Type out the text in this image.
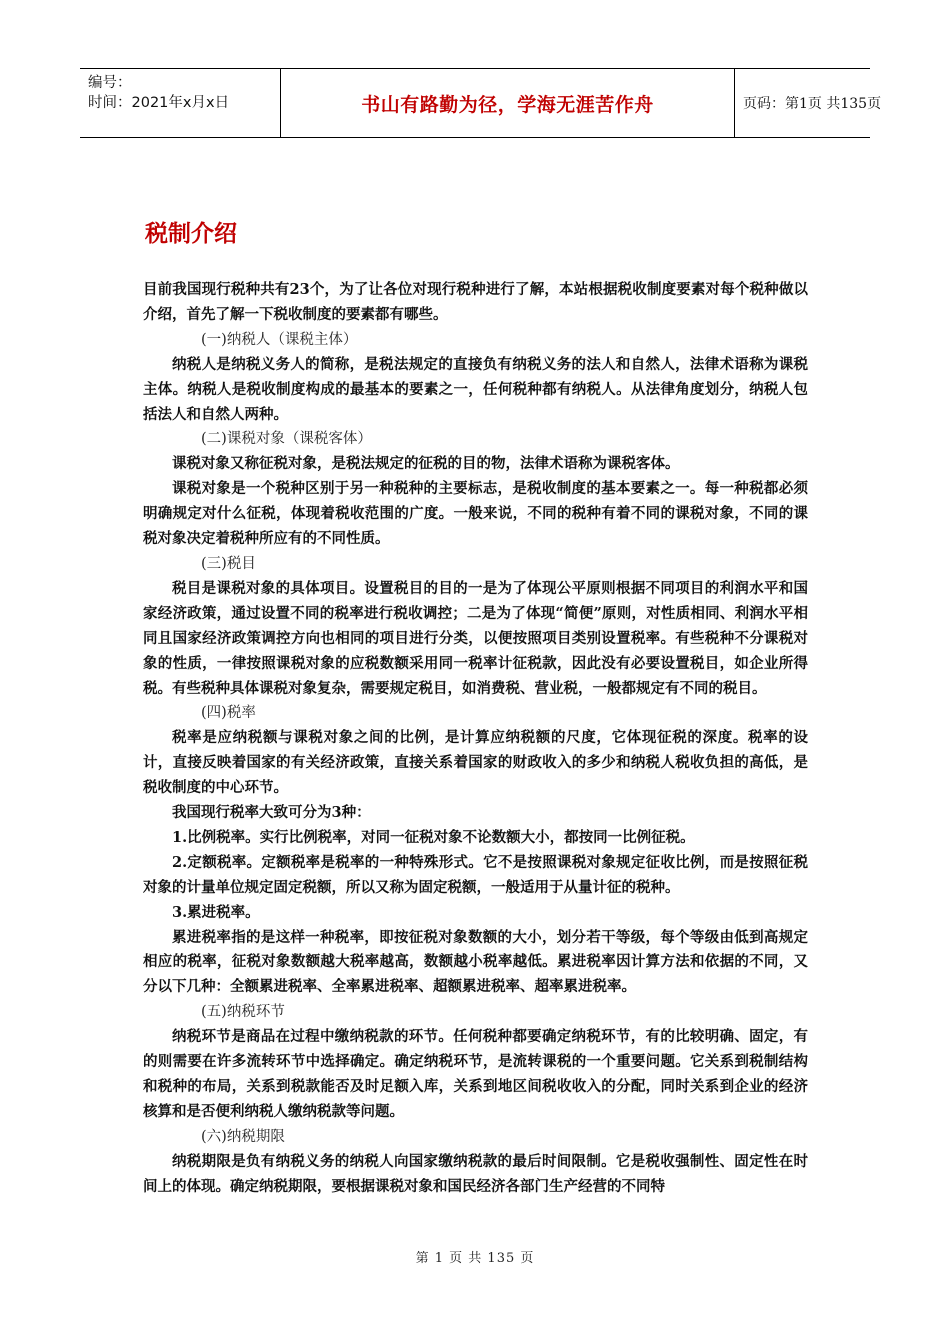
编号：
时间：2021年x月x日	书山有路勤为径，学海无涯苦作舟	页码：第1页 共135页
税制介绍

目前我国现行税种共有23个，为了让各位对现行税种进行了解，本站根据税收制度要素对每个税种做以介绍，首先了解一下税收制度的要素都有哪些。

(一)纳税人（课税主体）

纳税人是纳税义务人的简称，是税法规定的直接负有纳税义务的法人和自然人，法律术语称为课税主体。纳税人是税收制度构成的最基本的要素之一，任何税种都有纳税人。从法律角度划分，纳税人包括法人和自然人两种。

(二)课税对象（课税客体）

课税对象又称征税对象，是税法规定的征税的目的物，法律术语称为课税客体。

课税对象是一个税种区别于另一种税种的主要标志，是税收制度的基本要素之一。每一种税都必须明确规定对什么征税，体现着税收范围的广度。一般来说，不同的税种有着不同的课税对象，不同的课税对象决定着税种所应有的不同性质。

(三)税目

税目是课税对象的具体项目。设置税目的目的一是为了体现公平原则根据不同项目的利润水平和国家经济政策，通过设置不同的税率进行税收调控；二是为了体现“简便”原则，对性质相同、利润水平相同且国家经济政策调控方向也相同的项目进行分类，以便按照项目类别设置税率。有些税种不分课税对象的性质，一律按照课税对象的应税数额采用同一税率计征税款，因此没有必要设置税目，如企业所得税。有些税种具体课税对象复杂，需要规定税目，如消费税、营业税，一般都规定有不同的税目。

(四)税率

税率是应纳税额与课税对象之间的比例，是计算应纳税额的尺度，它体现征税的深度。税率的设计，直接反映着国家的有关经济政策，直接关系着国家的财政收入的多少和纳税人税收负担的高低，是税收制度的中心环节。

我国现行税率大致可分为3种：

1.比例税率。实行比例税率，对同一征税对象不论数额大小，都按同一比例征税。

2.定额税率。定额税率是税率的一种特殊形式。它不是按照课税对象规定征收比例，而是按照征税对象的计量单位规定固定税额，所以又称为固定税额，一般适用于从量计征的税种。

3.累进税率。

累进税率指的是这样一种税率，即按征税对象数额的大小，划分若干等级，每个等级由低到高规定相应的税率，征税对象数额越大税率越高，数额越小税率越低。累进税率因计算方法和依据的不同，又分以下几种：全额累进税率、全率累进税率、超额累进税率、超率累进税率。

(五)纳税环节

纳税环节是商品在过程中缴纳税款的环节。任何税种都要确定纳税环节，有的比较明确、固定，有的则需要在许多流转环节中选择确定。确定纳税环节，是流转课税的一个重要问题。它关系到税制结构和税种的布局，关系到税款能否及时足额入库，关系到地区间税收收入的分配，同时关系到企业的经济核算和是否便利纳税人缴纳税款等问题。

(六)纳税期限

纳税期限是负有纳税义务的纳税人向国家缴纳税款的最后时间限制。它是税收强制性、固定性在时间上的体现。确定纳税期限，要根据课税对象和国民经济各部门生产经营的不同特

第 1 页 共 135 页
